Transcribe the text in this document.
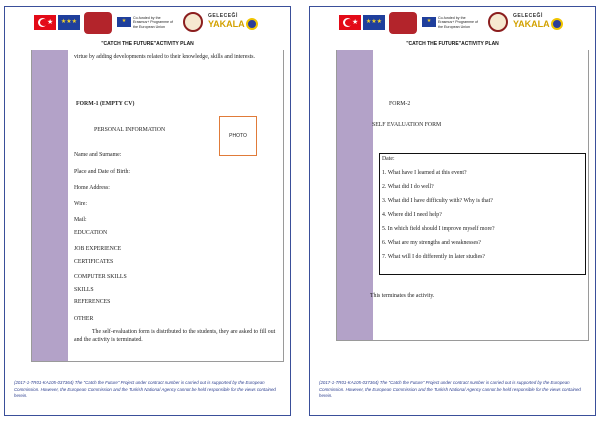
★	★★★	★
Co-funded by the Erasmus+ Programme of the European Union
GELECEĞİ
YAKALA
"CATCH THE FUTURE"ACTIVITY PLAN
virtue by adding developments related to their knowledge, skills and interests.
FORM-1 (EMPTY CV)
PERSONAL INFORMATION
PHOTO
Name and Surname:
Place and Date of Birth:
Home Address:
Wire:
Mail:
EDUCATION
JOB EXPERIENCE
CERTIFICATES
COMPUTER SKILLS
SKILLS
REFERENCES
OTHER
The self-evaluation form is distributed to the students, they are asked to fill out and the activity is terminated.
(2017-1-TR01-KA105-037364) The "Catch the Future" Project under contract number is carried out is supported by the European Commission. However, the European Commission and the Turkish National Agency cannot be held responsible for the views contained herein.
★	★★★	★
Co-funded by the Erasmus+ Programme of the European Union
GELECEĞİ
YAKALA
"CATCH THE FUTURE"ACTIVITY PLAN
FORM-2
SELF EVALUATION FORM
Date:
1. What have I learned at this event?
2. What did I do well?
3. What did I have difficulty with? Why is that?
4. Where did I need help?
5. In which field should I improve myself more?
6. What are my strengths and weaknesses?
7. What will I do differently in later studies?
This terminates the activity.
(2017-1-TR01-KA105-037364) The "Catch the Future" Project under contract number is carried out is supported by the European Commission. However, the European Commission and the Turkish National Agency cannot be held responsible for the views contained herein.
